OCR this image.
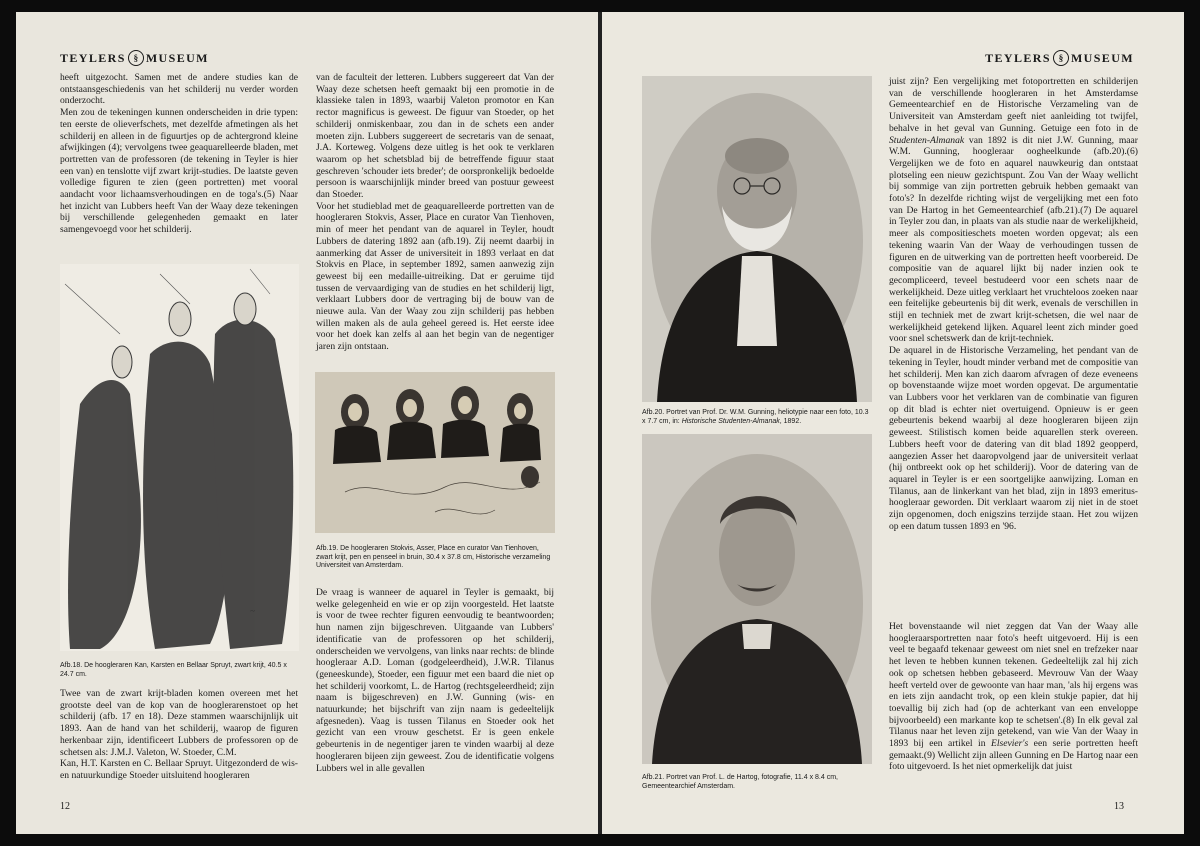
TEYLERS § MUSEUM

heeft uitgezocht. Samen met de andere studies kan de ontstaansgeschiedenis van het schilderij nu verder worden onderzocht.

Men zou de tekeningen kunnen onderscheiden in drie typen: ten eerste de olieverfschets, met dezelfde afmetingen als het schilderij en alleen in de figuurtjes op de achtergrond kleine afwijkingen (4); vervolgens twee geaquarelleerde bladen, met portretten van de professoren (de tekening in Teyler is hier een van) en tenslotte vijf zwart krijt-studies. De laatste geven volledige figuren te zien (geen portretten) met vooral aandacht voor lichaamsverhoudingen en de toga's.(5) Naar het inzicht van Lubbers heeft Van der Waay deze tekeningen bij verschillende gelegenheden gemaakt en later samengevoegd voor het schilderij.

~
Afb.18. De hoogleraren Kan, Karsten en Bellaar Spruyt, zwart krijt, 40.5 x 24.7 cm.

Twee van de zwart krijt-bladen komen overeen met het grootste deel van de kop van de hooglerarenstoet op het schilderij (afb. 17 en 18). Deze stammen waarschijnlijk uit 1893. Aan de hand van het schilderij, waarop de figuren herkenbaar zijn, identificeert Lubbers de professoren op de schetsen als: J.M.J. Valeton, W. Stoeder, C.M.

Kan, H.T. Karsten en C. Bellaar Spruyt. Uitgezonderd de wis- en natuurkundige Stoeder uitsluitend hoogleraren

12

van de faculteit der letteren. Lubbers suggereert dat Van der Waay deze schetsen heeft gemaakt bij een promotie in de klassieke talen in 1893, waarbij Valeton promotor en Kan rector magnificus is geweest. De figuur van Stoeder, op het schilderij onmiskenbaar, zou dan in de schets een ander moeten zijn. Lubbers suggereert de secretaris van de senaat, J.A. Korteweg. Volgens deze uitleg is het ook te verklaren waarom op het schetsblad bij de betreffende figuur staat geschreven 'schouder iets breder'; de oorspronkelijk bedoelde persoon is waarschijnlijk minder breed van postuur geweest dan Stoeder.

Voor het studieblad met de geaquarelleerde portretten van de hoogleraren Stokvis, Asser, Place en curator Van Tienhoven, min of meer het pendant van de aquarel in Teyler, houdt Lubbers de datering 1892 aan (afb.19). Zij neemt daarbij in aanmerking dat Asser de universiteit in 1893 verlaat en dat Stokvis en Place, in september 1892, samen aanwezig zijn geweest bij een medaille-uitreiking. Dat er geruime tijd tussen de vervaardiging van de studies en het schilderij ligt, verklaart Lubbers door de vertraging bij de bouw van de nieuwe aula. Van der Waay zou zijn schilderij pas hebben willen maken als de aula geheel gereed is. Het eerste idee voor het doek kan zelfs al aan het begin van de negentiger jaren zijn ontstaan.

Afb.19. De hoogleraren Stokvis, Asser, Place en curator Van Tienhoven, zwart krijt, pen en penseel in bruin, 30.4 x 37.8 cm, Historische verzameling Universiteit van Amsterdam.

De vraag is wanneer de aquarel in Teyler is gemaakt, bij welke gelegenheid en wie er op zijn voorgesteld. Het laatste is voor de twee rechter figuren eenvoudig te beantwoorden; hun namen zijn bijgeschreven. Uitgaande van Lubbers' identificatie van de professoren op het schilderij, onderscheiden we vervolgens, van links naar rechts: de blinde hoogleraar A.D. Loman (godgeleerdheid), J.W.R. Tilanus (geneeskunde), Stoeder, een figuur met een baard die niet op het schilderij voorkomt, L. de Hartog (rechtsgeleerdheid; zijn naam is bijgeschreven) en J.W. Gunning (wis- en natuurkunde; het bijschrift van zijn naam is gedeeltelijk afgesneden). Vaag is tussen Tilanus en Stoeder ook het gezicht van een vrouw geschetst. Er is geen enkele gebeurtenis in de negentiger jaren te vinden waarbij al deze hoogleraren bijeen zijn geweest. Zou de identificatie volgens Lubbers wel in alle gevallen

TEYLERS § MUSEUM
Afb.20. Portret van Prof. Dr. W.M. Gunning, heliotypie naar een foto, 10.3 x 7.7 cm, in: Historische Studenten-Almanak, 1892.
Afb.21. Portret van Prof. L. de Hartog, fotografie, 11.4 x 8.4 cm, Gemeentearchief Amsterdam.

juist zijn? Een vergelijking met fotoportretten en schilderijen van de verschillende hoogleraren in het Amsterdamse Gemeentearchief en de Historische Verzameling van de Universiteit van Amsterdam geeft niet aanleiding tot twijfel, behalve in het geval van Gunning. Getuige een foto in de Studenten-Almanak van 1892 is dit niet J.W. Gunning, maar W.M. Gunning, hoogleraar oogheelkunde (afb.20).(6) Vergelijken we de foto en aquarel nauwkeurig dan ontstaat plotseling een nieuw gezichtspunt. Zou Van der Waay wellicht bij sommige van zijn portretten gebruik hebben gemaakt van foto's? In dezelfde richting wijst de vergelijking met een foto van De Hartog in het Gemeentearchief (afb.21).(7) De aquarel in Teyler zou dan, in plaats van als studie naar de werkelijkheid, meer als compositieschets moeten worden opgevat; als een tekening waarin Van der Waay de verhoudingen tussen de figuren en de uitwerking van de portretten heeft voorbereid. De compositie van de aquarel lijkt bij nader inzien ook te gecompliceerd, teveel bestudeerd voor een schets naar de werkelijkheid. Deze uitleg verklaart het vruchteloos zoeken naar een feitelijke gebeurtenis bij dit werk, evenals de verschillen in stijl en techniek met de zwart krijt-schetsen, die wel naar de werkelijkheid getekend lijken. Aquarel leent zich minder goed voor snel schetswerk dan de krijt-techniek.

De aquarel in de Historische Verzameling, het pendant van de tekening in Teyler, houdt minder verband met de compositie van het schilderij. Men kan zich daarom afvragen of deze eveneens op bovenstaande wijze moet worden opgevat. De argumentatie van Lubbers voor het verklaren van de combinatie van figuren op dit blad is echter niet overtuigend. Opnieuw is er geen gebeurtenis bekend waarbij al deze hoogleraren bijeen zijn geweest. Stilistisch komen beide aquarellen sterk overeen. Lubbers heeft voor de datering van dit blad 1892 geopperd, aangezien Asser het daaropvolgend jaar de universiteit verlaat (hij ontbreekt ook op het schilderij). Voor de datering van de aquarel in Teyler is er een soortgelijke aanwijzing. Loman en Tilanus, aan de linkerkant van het blad, zijn in 1893 emeritus-hoogleraar geworden. Dit verklaart waarom zij niet in de stoet zijn opgenomen, doch enigszins terzijde staan. Het zou wijzen op een datum tussen 1893 en '96.

Het bovenstaande wil niet zeggen dat Van der Waay alle hoogleraarsportretten naar foto's heeft uitgevoerd. Hij is een veel te begaafd tekenaar geweest om niet snel en trefzeker naar het leven te hebben kunnen tekenen. Gedeeltelijk zal hij zich ook op schetsen hebben gebaseerd. Mevrouw Van der Waay heeft verteld over de gewoonte van haar man, 'als hij ergens was en iets zijn aandacht trok, op een klein stukje papier, dat hij toevallig bij zich had (op de achterkant van een enveloppe bijvoorbeeld) een markante kop te schetsen'.(8) In elk geval zal Tilanus naar het leven zijn getekend, van wie Van der Waay in 1893 bij een artikel in Elsevier's een serie portretten heeft gemaakt.(9) Wellicht zijn alleen Gunning en De Hartog naar een foto uitgevoerd. Is het niet opmerkelijk dat juist

13
